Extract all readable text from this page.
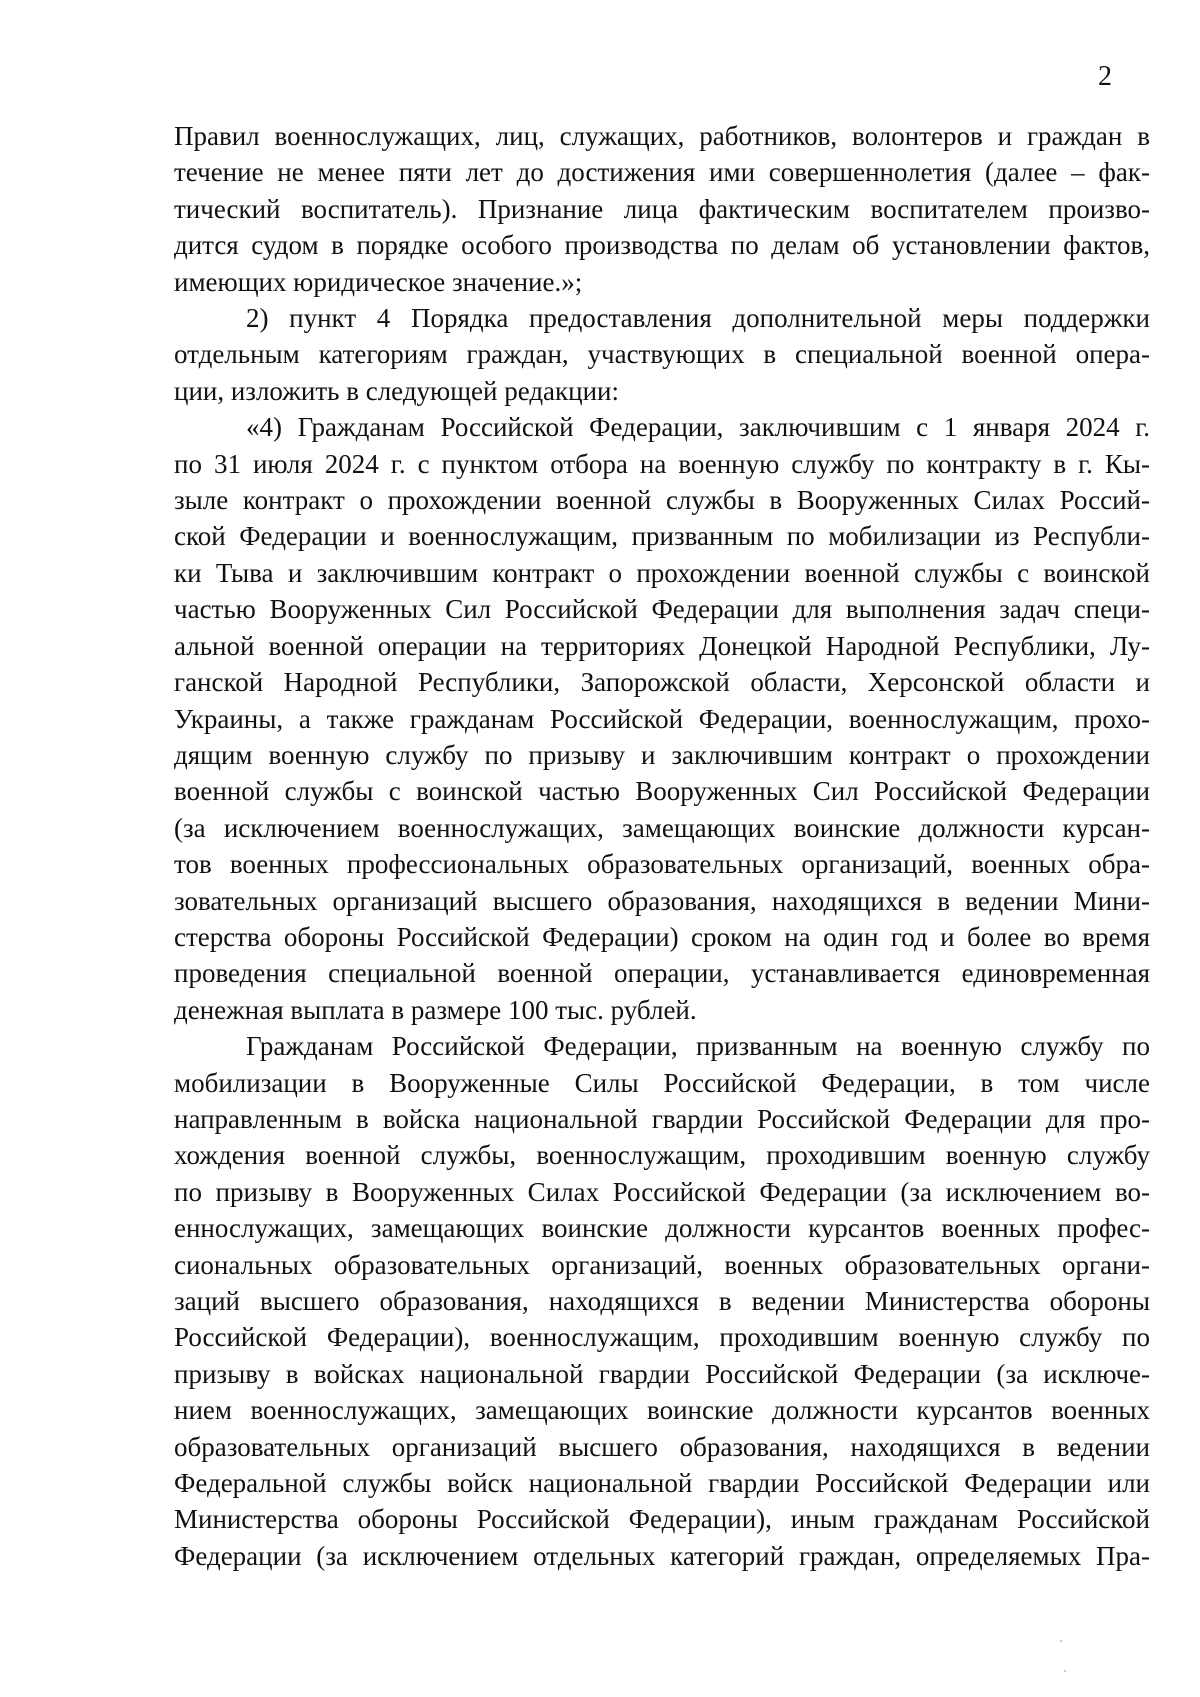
2

Правил военнослужащих, лиц, служащих, работников, волонтеров и граждан в
течение не менее пяти лет до достижения ими совершеннолетия (далее – фак-
тический воспитатель). Признание лица фактическим воспитателем произво-
дится судом в порядке особого производства по делам об установлении фактов,
имеющих юридическое значение.»;

2) пункт 4 Порядка предоставления дополнительной меры поддержки
отдельным категориям граждан, участвующих в специальной военной опера-
ции, изложить в следующей редакции:

«4) Гражданам Российской Федерации, заключившим с 1 января 2024 г.
по 31 июля 2024 г. с пунктом отбора на военную службу по контракту в г. Кы-
зыле контракт о прохождении военной службы в Вооруженных Силах Россий-
ской Федерации и военнослужащим, призванным по мобилизации из Республи-
ки Тыва и заключившим контракт о прохождении военной службы с воинской
частью Вооруженных Сил Российской Федерации для выполнения задач специ-
альной военной операции на территориях Донецкой Народной Республики, Лу-
ганской Народной Республики, Запорожской области, Херсонской области и
Украины, а также гражданам Российской Федерации, военнослужащим, прохо-
дящим военную службу по призыву и заключившим контракт о прохождении
военной службы с воинской частью Вооруженных Сил Российской Федерации
(за исключением военнослужащих, замещающих воинские должности курсан-
тов военных профессиональных образовательных организаций, военных обра-
зовательных организаций высшего образования, находящихся в ведении Мини-
стерства обороны Российской Федерации) сроком на один год и более во время
проведения специальной военной операции, устанавливается единовременная
денежная выплата в размере 100 тыс. рублей.

Гражданам Российской Федерации, призванным на военную службу по
мобилизации в Вооруженные Силы Российской Федерации, в том числе
направленным в войска национальной гвардии Российской Федерации для про-
хождения военной службы, военнослужащим, проходившим военную службу
по призыву в Вооруженных Силах Российской Федерации (за исключением во-
еннослужащих, замещающих воинские должности курсантов военных профес-
сиональных образовательных организаций, военных образовательных органи-
заций высшего образования, находящихся в ведении Министерства обороны
Российской Федерации), военнослужащим, проходившим военную службу по
призыву в войсках национальной гвардии Российской Федерации (за исключе-
нием военнослужащих, замещающих воинские должности курсантов военных
образовательных организаций высшего образования, находящихся в ведении
Федеральной службы войск национальной гвардии Российской Федерации или
Министерства обороны Российской Федерации), иным гражданам Российской
Федерации (за исключением отдельных категорий граждан, определяемых Пра-
